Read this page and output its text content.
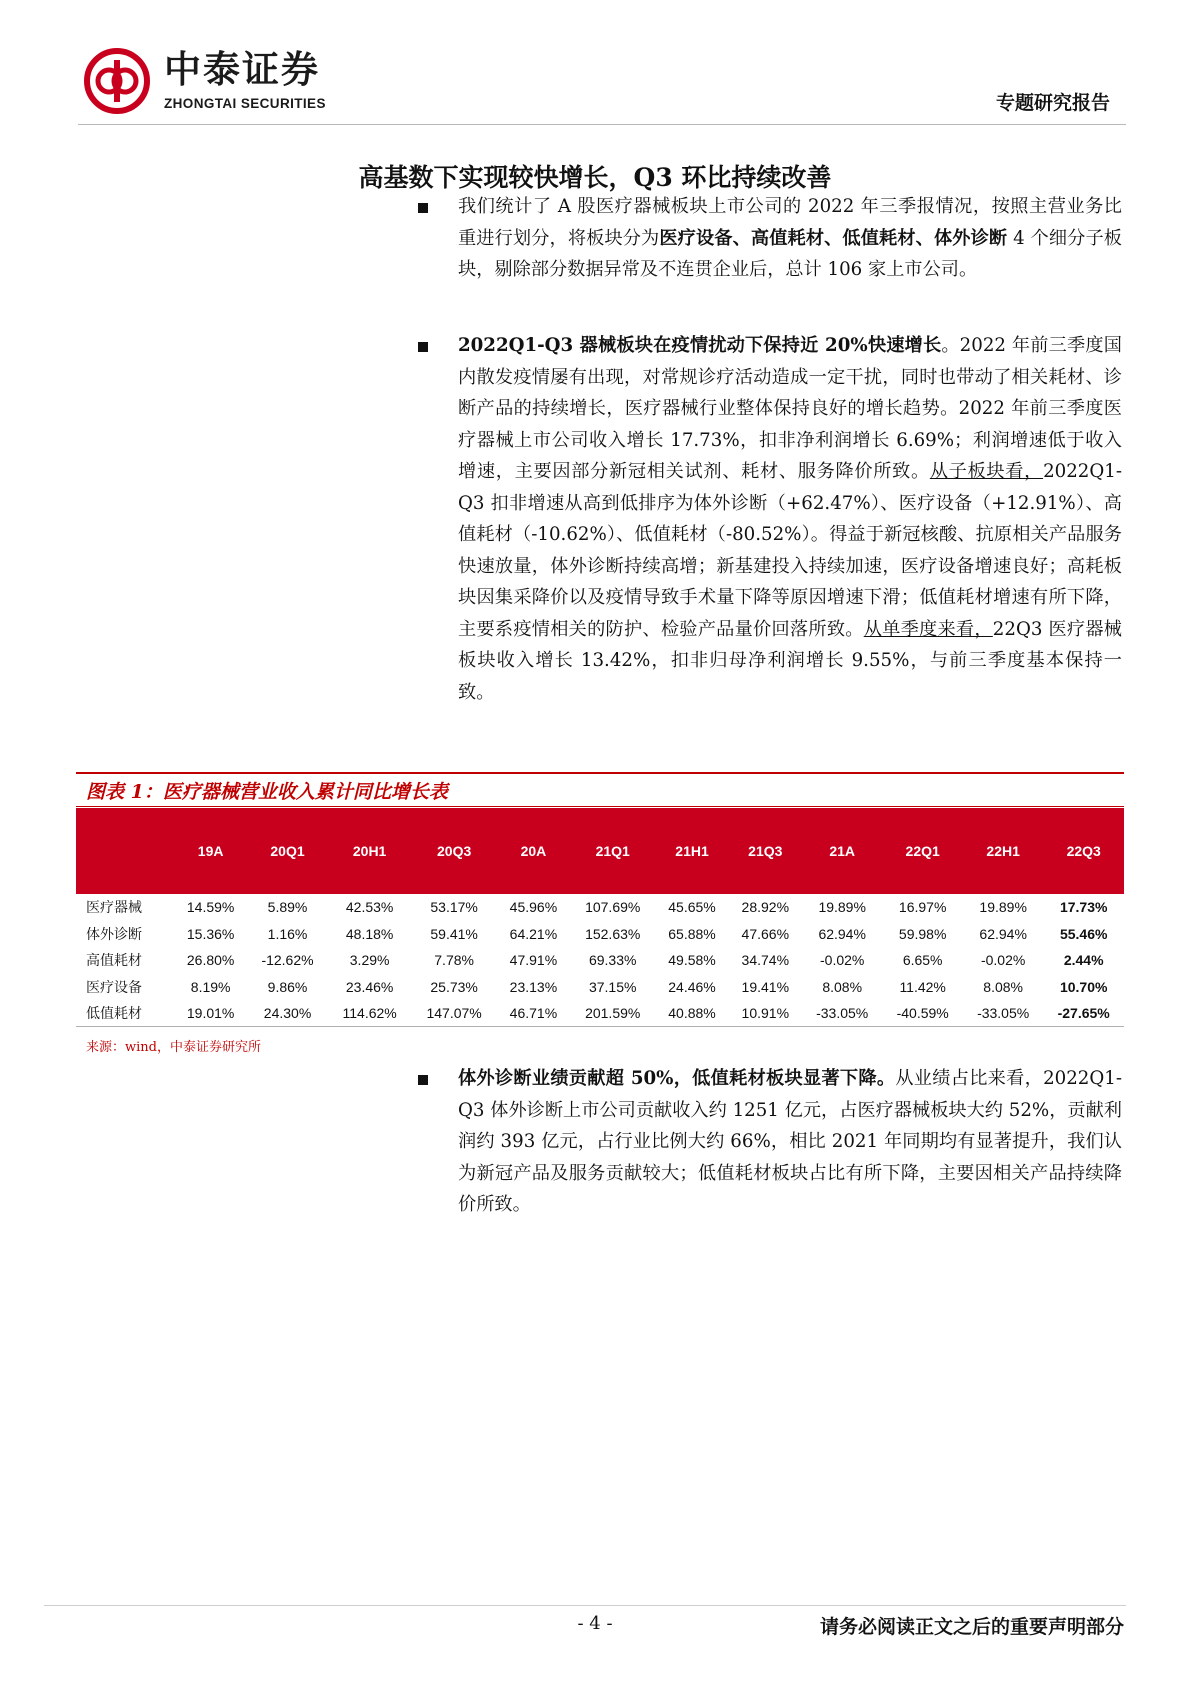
中泰证券
ZHONGTAI SECURITIES	专题研究报告
高基数下实现较快增长，Q3 环比持续改善
我们统计了 A 股医疗器械板块上市公司的 2022 年三季报情况，按照主营业务比重进行划分，将板块分为医疗设备、高值耗材、低值耗材、体外诊断 4 个细分子板块，剔除部分数据异常及不连贯企业后，总计 106 家上市公司。
2022Q1-Q3 器械板块在疫情扰动下保持近 20%快速增长。2022 年前三季度国内散发疫情屡有出现，对常规诊疗活动造成一定干扰，同时也带动了相关耗材、诊断产品的持续增长，医疗器械行业整体保持良好的增长趋势。2022 年前三季度医疗器械上市公司收入增长 17.73%，扣非净利润增长 6.69%；利润增速低于收入增速，主要因部分新冠相关试剂、耗材、服务降价所致。从子板块看，2022Q1-Q3 扣非增速从高到低排序为体外诊断（+62.47%）、医疗设备（+12.91%）、高值耗材（-10.62%）、低值耗材（-80.52%）。得益于新冠核酸、抗原相关产品服务快速放量，体外诊断持续高增；新基建投入持续加速，医疗设备增速良好；高耗板块因集采降价以及疫情导致手术量下降等原因增速下滑；低值耗材增速有所下降，主要系疫情相关的防护、检验产品量价回落所致。从单季度来看，22Q3 医疗器械板块收入增长 13.42%，扣非归母净利润增长 9.55%，与前三季度基本保持一致。
图表 1：医疗器械营业收入累计同比增长表
	19A	20Q1	20H1	20Q3	20A	21Q1	21H1	21Q3	21A	22Q1	22H1	22Q3
医疗器械	14.59%	5.89%	42.53%	53.17%	45.96%	107.69%	45.65%	28.92%	19.89%	16.97%	19.89%	17.73%
体外诊断	15.36%	1.16%	48.18%	59.41%	64.21%	152.63%	65.88%	47.66%	62.94%	59.98%	62.94%	55.46%
高值耗材	26.80%	-12.62%	3.29%	7.78%	47.91%	69.33%	49.58%	34.74%	-0.02%	6.65%	-0.02%	2.44%
医疗设备	8.19%	9.86%	23.46%	25.73%	23.13%	37.15%	24.46%	19.41%	8.08%	11.42%	8.08%	10.70%
低值耗材	19.01%	24.30%	114.62%	147.07%	46.71%	201.59%	40.88%	10.91%	-33.05%	-40.59%	-33.05%	-27.65%
来源：wind，中泰证券研究所
体外诊断业绩贡献超 50%，低值耗材板块显著下降。从业绩占比来看，2022Q1-Q3 体外诊断上市公司贡献收入约 1251 亿元，占医疗器械板块大约 52%，贡献利润约 393 亿元，占行业比例大约 66%，相比 2021 年同期均有显著提升，我们认为新冠产品及服务贡献较大；低值耗材板块占比有所下降，主要因相关产品持续降价所致。
- 4 -	请务必阅读正文之后的重要声明部分
